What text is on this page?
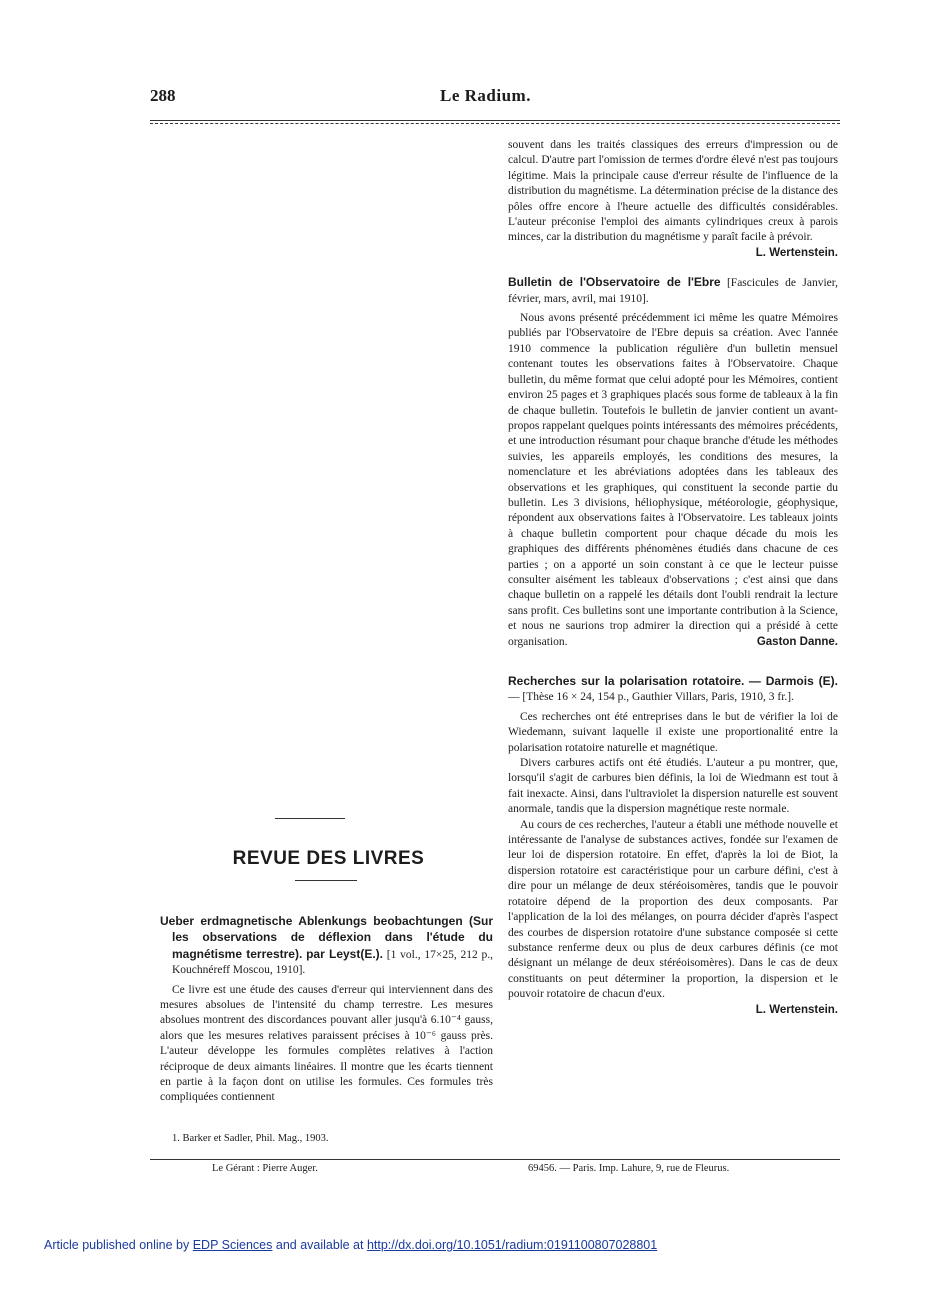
288	Le Radium.

souvent dans les traités classiques des erreurs d'impression ou de calcul. D'autre part l'omission de termes d'ordre élevé n'est pas toujours légitime. Mais la principale cause d'erreur résulte de l'influence de la distribution du magnétisme. La détermination précise de la distance des pôles offre encore à l'heure actuelle des difficultés considérables. L'auteur préconise l'emploi des aimants cylindriques creux à parois minces, car la distribution du magnétisme y paraît facile à prévoir.

L. Wertenstein.

Bulletin de l'Observatoire de l'Ebre [Fascicules de Janvier, février, mars, avril, mai 1910].

Nous avons présenté précédemment ici même les quatre Mémoires publiés par l'Observatoire de l'Ebre depuis sa création. Avec l'année 1910 commence la publication régulière d'un bulletin mensuel contenant toutes les observations faites à l'Observatoire. Chaque bulletin, du même format que celui adopté pour les Mémoires, contient environ 25 pages et 3 graphiques placés sous forme de tableaux à la fin de chaque bulletin. Toutefois le bulletin de janvier contient un avant-propos rappelant quelques points intéressants des mémoires précédents, et une introduction résumant pour chaque branche d'étude les méthodes suivies, les appareils employés, les conditions des mesures, la nomenclature et les abréviations adoptées dans les tableaux des observations et les graphiques, qui constituent la seconde partie du bulletin. Les 3 divisions, héliophysique, météorologie, géophysique, répondent aux observations faites à l'Observatoire. Les tableaux joints à chaque bulletin comportent pour chaque décade du mois les graphiques des différents phénomènes étudiés dans chacune de ces parties ; on a apporté un soin constant à ce que le lecteur puisse consulter aisément les tableaux d'observations ; c'est ainsi que dans chaque bulletin on a rappelé les détails dont l'oubli rendrait la lecture sans profit. Ces bulletins sont une importante contribution à la Science, et nous ne saurions trop admirer la direction qui a présidé à cette organisation.	Gaston Danne.

Recherches sur la polarisation rotatoire. — Darmois (E). — [Thèse 16 × 24, 154 p., Gauthier Villars, Paris, 1910, 3 fr.].

Ces recherches ont été entreprises dans le but de vérifier la loi de Wiedemann, suivant laquelle il existe une proportionalité entre la polarisation rotatoire naturelle et magnétique.

Divers carbures actifs ont été étudiés. L'auteur a pu montrer, que, lorsqu'il s'agit de carbures bien définis, la loi de Wiedmann est tout à fait inexacte. Ainsi, dans l'ultraviolet la dispersion naturelle est souvent anormale, tandis que la dispersion magnétique reste normale.

Au cours de ces recherches, l'auteur a établi une méthode nouvelle et intéressante de l'analyse de substances actives, fondée sur l'examen de leur loi de dispersion rotatoire. En effet, d'après la loi de Biot, la dispersion rotatoire est caractéristique pour un carbure défini, c'est à dire pour un mélange de deux stéréoisomères, tandis que le pouvoir rotatoire dépend de la proportion des deux composants. Par l'application de la loi des mélanges, on pourra décider d'après l'aspect des courbes de dispersion rotatoire d'une substance composée si cette substance renferme deux ou plus de deux carbures définis (ce mot désignant un mélange de deux stéréoisomères). Dans le cas de deux constituants on peut déterminer la proportion, la dispersion et le pouvoir rotatoire de chacun d'eux.

L. Wertenstein.
REVUE DES LIVRES

Ueber erdmagnetische Ablenkungs beobachtungen (Sur les observations de déflexion dans l'étude du magnétisme terrestre). par Leyst(E.). [1 vol., 17×25, 212 p., Kouchnéreff Moscou, 1910].

Ce livre est une étude des causes d'erreur qui interviennent dans des mesures absolues de l'intensité du champ terrestre. Les mesures absolues montrent des discordances pouvant aller jusqu'à 6.10⁻⁴ gauss, alors que les mesures relatives paraissent précises à 10⁻⁶ gauss près. L'auteur développe les formules complètes relatives à l'action réciproque de deux aimants linéaires. Il montre que les écarts tiennent en partie à la façon dont on utilise les formules. Ces formules très compliquées contiennent

1. Barker et Sadler, Phil. Mag., 1903.
Le Gérant : Pierre Auger.	69456. — Paris. Imp. Lahure, 9, rue de Fleurus.
Article published online by EDP Sciences and available at http://dx.doi.org/10.1051/radium:0191100807028801
